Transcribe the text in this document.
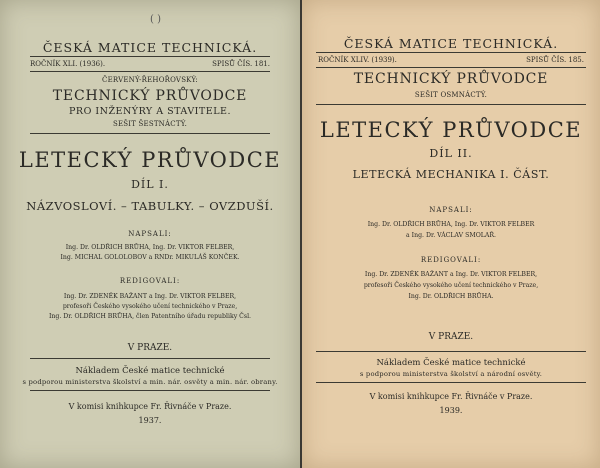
( )
ČESKÁ MATICE TECHNICKÁ.
ROČNÍK XLI. (1936).	SPISŮ ČÍS. 181.
ČERVENÝ-ŘEHOŘOVSKÝ:
TECHNICKÝ PRŮVODCE
PRO INŽENÝRY A STAVITELE.
SEŠIT ŠESTNÁCTÝ.
LETECKÝ PRŮVODCE
DÍL I.
NÁZVOSLOVÍ. – TABULKY. – OVZDUŠÍ.
NAPSALI:
Ing. Dr. OLDŘICH BRŮHA, Ing. Dr. VIKTOR FELBER,
Ing. MICHAL GOLOLOBOV a RNDr. MIKULÁŠ KONČEK.
REDIGOVALI:
Ing. Dr. ZDENĚK BAŽANT a Ing. Dr. VIKTOR FELBER,
profesoři Českého vysokého učení technického v Praze,
Ing. Dr. OLDŘICH BRŮHA, člen Patentního úřadu republiky Čsl.
V PRAZE.
Nákladem České matice technické
s podporou ministerstva školství a min. nár. osvěty a min. nár. obrany.
V komisi knihkupce Fr. Řivnáče v Praze.
1937.
ČESKÁ MATICE TECHNICKÁ.
ROČNÍK XLIV. (1939).	SPISŮ ČÍS. 185.
TECHNICKÝ PRŮVODCE
SEŠIT OSMNÁCTÝ.
LETECKÝ PRŮVODCE
DÍL II.
LETECKÁ MECHANIKA I. ČÁST.
NAPSALI:
Ing. Dr. OLDŘICH BRŮHA, Ing. Dr. VIKTOR FELBER
a Ing. Dr. VÁCLAV SMOLAŘ.
REDIGOVALI:
Ing. Dr. ZDENĚK BAŽANT a Ing. Dr. VIKTOR FELBER,
profesoři Českého vysokého učení technického v Praze,
Ing. Dr. OLDŘICH BRŮHA.
V PRAZE.
Nákladem České matice technické
s podporou ministerstva školství a národní osvěty.
V komisi knihkupce Fr. Řivnáče v Praze.
1939.
